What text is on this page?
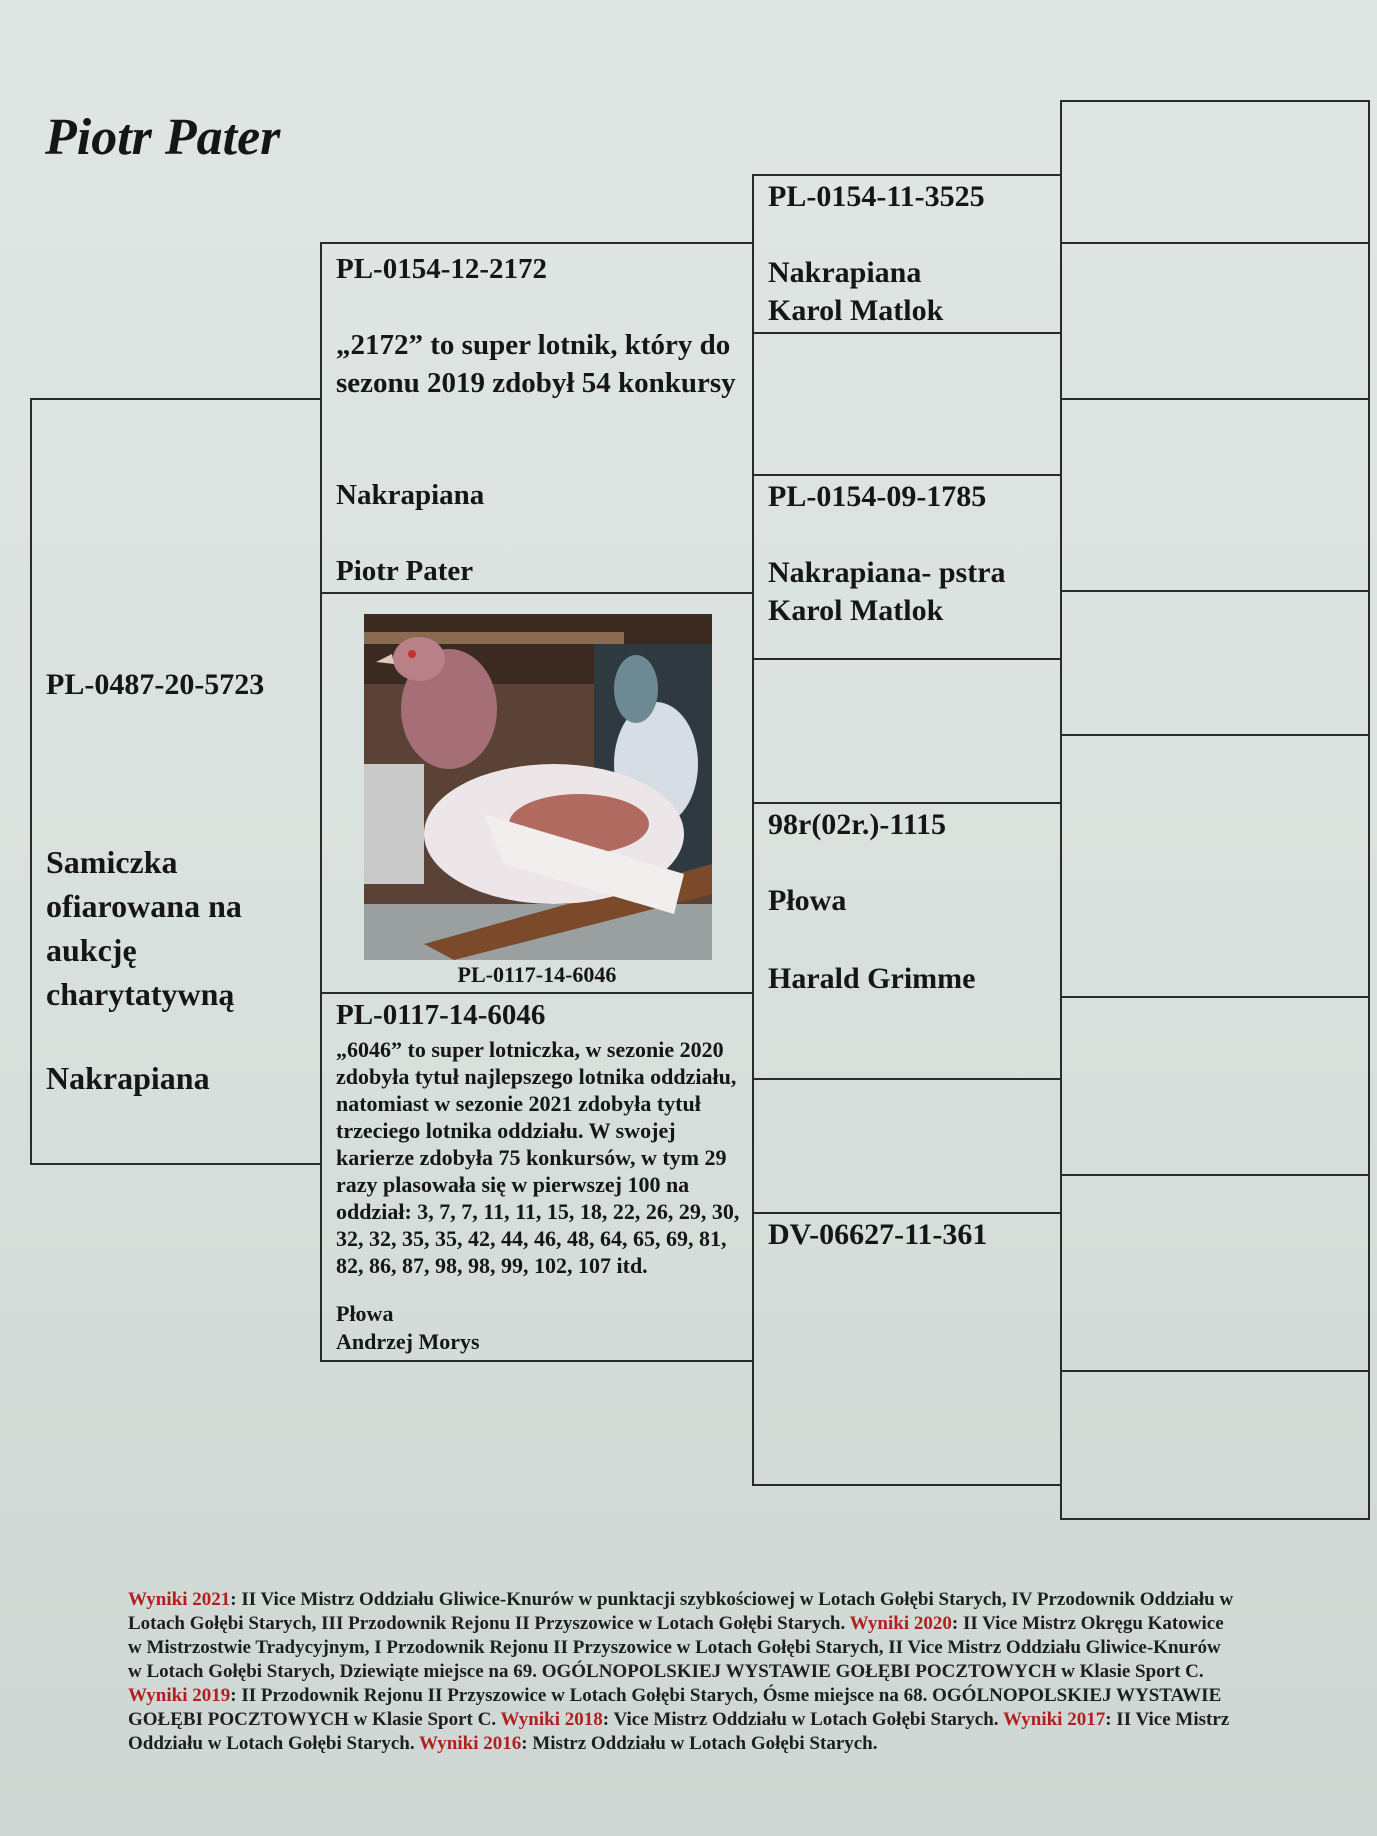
Piotr Pater
PL-0487-20-5723
Samiczka ofiarowana na aukcję charytatywną
Nakrapiana
PL-0154-12-2172
„2172” to super lotnik, który do sezonu 2019 zdobył 54 konkursy
Nakrapiana
Piotr Pater
PL-0117-14-6046
PL-0117-14-6046
„6046” to super lotniczka, w sezonie 2020 zdobyła tytuł najlepszego lotnika oddziału, natomiast w sezonie 2021 zdobyła tytuł trzeciego lotnika oddziału. W swojej karierze zdobyła 75 konkursów, w tym 29 razy plasowała się w pierwszej 100 na oddział: 3, 7, 7, 11, 11, 15, 18, 22, 26, 29, 30, 32, 32, 35, 35, 42, 44, 46, 48, 64, 65, 69, 81, 82, 86, 87, 98, 98, 99, 102, 107 itd.
Płowa
Andrzej Morys
PL-0154-11-3525
Nakrapiana
Karol Matlok
PL-0154-09-1785
Nakrapiana- pstra
Karol Matlok
98r(02r.)-1115
Płowa
Harald Grimme
DV-06627-11-361
Wyniki 2021: II Vice Mistrz Oddziału Gliwice-Knurów w punktacji szybkościowej w Lotach Gołębi Starych, IV Przodownik Oddziału w Lotach Gołębi Starych, III Przodownik Rejonu II Przyszowice w Lotach Gołębi Starych. Wyniki 2020: II Vice Mistrz Okręgu Katowice w Mistrzostwie Tradycyjnym, I Przodownik Rejonu II Przyszowice w Lotach Gołębi Starych, II Vice Mistrz Oddziału Gliwice-Knurów w Lotach Gołębi Starych, Dziewiąte miejsce na 69. OGÓLNOPOLSKIEJ WYSTAWIE GOŁĘBI POCZTOWYCH w Klasie Sport C. Wyniki 2019: II Przodownik Rejonu II Przyszowice w Lotach Gołębi Starych, Ósme miejsce na 68. OGÓLNOPOLSKIEJ WYSTAWIE GOŁĘBI POCZTOWYCH w Klasie Sport C. Wyniki 2018: Vice Mistrz Oddziału w Lotach Gołębi Starych. Wyniki 2017: II Vice Mistrz Oddziału w Lotach Gołębi Starych. Wyniki 2016: Mistrz Oddziału w Lotach Gołębi Starych.
